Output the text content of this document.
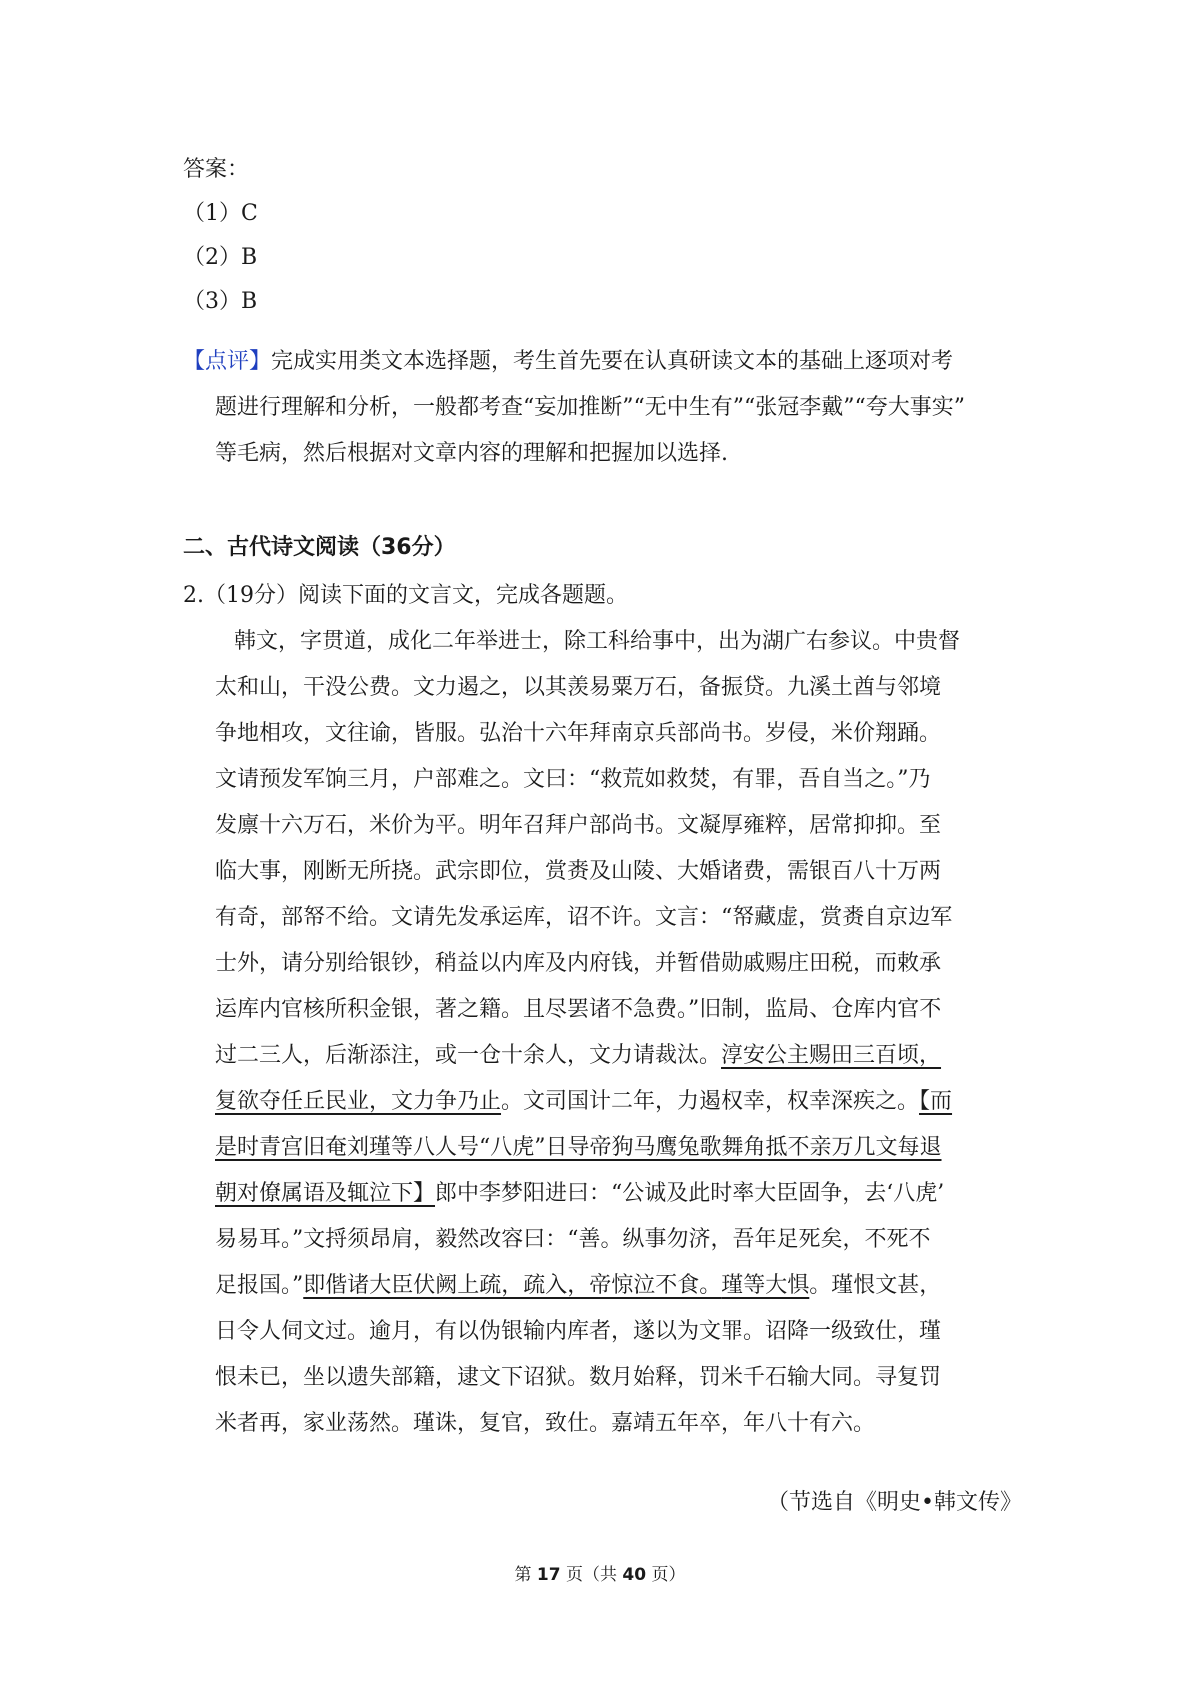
答案：
（1）C
（2）B
（3）B
【点评】完成实用类文本选择题，考生首先要在认真研读文本的基础上逐项对考
题进行理解和分析，一般都考查“妄加推断”“无中生有”“张冠李戴”“夸大事实”
等毛病，然后根据对文章内容的理解和把握加以选择.
二、古代诗文阅读（36分）
2.（19分）阅读下面的文言文，完成各题题。
韩文，字贯道，成化二年举进士，除工科给事中，出为湖广右参议。中贵督
太和山，干没公费。文力遏之，以其羡易粟万石，备振贷。九溪土酋与邻境
争地相攻，文往谕，皆服。弘治十六年拜南京兵部尚书。岁侵，米价翔踊。
文请预发军饷三月，户部难之。文曰：“救荒如救焚，有罪，吾自当之。”乃
发廪十六万石，米价为平。明年召拜户部尚书。文凝厚雍粹，居常抑抑。至
临大事，刚断无所挠。武宗即位，赏赉及山陵、大婚诸费，需银百八十万两
有奇，部帑不给。文请先发承运库，诏不许。文言：“帑藏虚，赏赉自京边军
士外，请分别给银钞，稍益以内库及内府钱，并暂借勋戚赐庄田税，而敕承
运库内官核所积金银，著之籍。且尽罢诸不急费。”旧制，监局、仓库内官不
过二三人，后渐添注，或一仓十余人，文力请裁汰。淳安公主赐田三百顷，
复欲夺任丘民业，文力争乃止。文司国计二年，力遏权幸，权幸深疾之。【而
是时青宫旧奄刘瑾等八人号“八虎”日导帝狗马鹰兔歌舞角抵不亲万几文每退
朝对僚属语及辄泣下】郎中李梦阳进曰：“公诚及此时率大臣固争，去‘八虎’
易易耳。”文捋须昂肩，毅然改容曰：“善。纵事勿济，吾年足死矣，不死不
足报国。”即偕诸大臣伏阙上疏，疏入，帝惊泣不食。瑾等大惧。瑾恨文甚，
日令人伺文过。逾月，有以伪银输内库者，遂以为文罪。诏降一级致仕，瑾
恨未已，坐以遗失部籍，逮文下诏狱。数月始释，罚米千石输大同。寻复罚
米者再，家业荡然。瑾诛，复官，致仕。嘉靖五年卒，年八十有六。
（节选自《明史•韩文传》
第 17 页（共 40 页）
